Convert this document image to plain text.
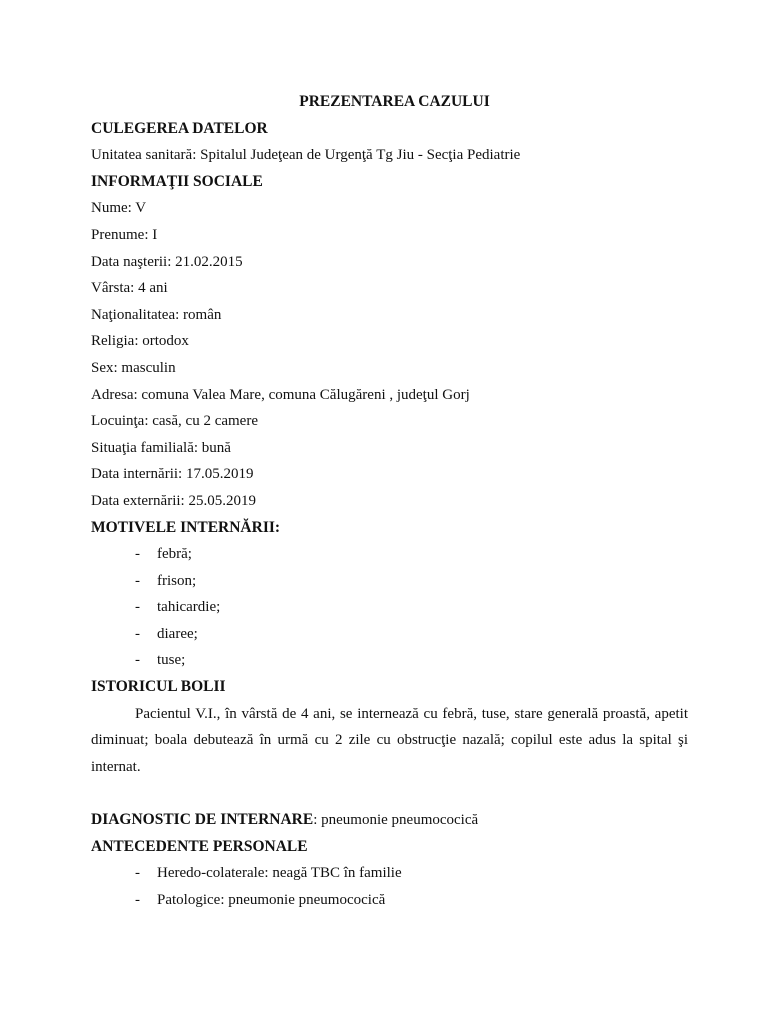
PREZENTAREA CAZULUI
CULEGEREA DATELOR
Unitatea sanitară: Spitalul Judeţean de Urgenţă Tg Jiu - Secţia Pediatrie
INFORMAŢII SOCIALE
Nume: V
Prenume: I
Data naşterii: 21.02.2015
Vârsta: 4 ani
Naţionalitatea: român
Religia: ortodox
Sex: masculin
Adresa: comuna Valea Mare, comuna Călugăreni , judeţul Gorj
Locuinţa: casă, cu 2 camere
Situaţia familială: bună
Data internării: 17.05.2019
Data externării: 25.05.2019
MOTIVELE INTERNĂRII:
-	febră;
-	frison;
-	tahicardie;
-	diaree;
-	tuse;
ISTORICUL BOLII
Pacientul V.I., în vârstă de 4 ani, se internează cu febră, tuse, stare generală proastă, apetit diminuat; boala debutează în urmă cu 2 zile cu obstrucţie nazală; copilul este adus la spital şi internat.
DIAGNOSTIC DE INTERNARE: pneumonie pneumococică
ANTECEDENTE PERSONALE
-	Heredo-colaterale: neagă TBC în familie
-	Patologice: pneumonie pneumococică
